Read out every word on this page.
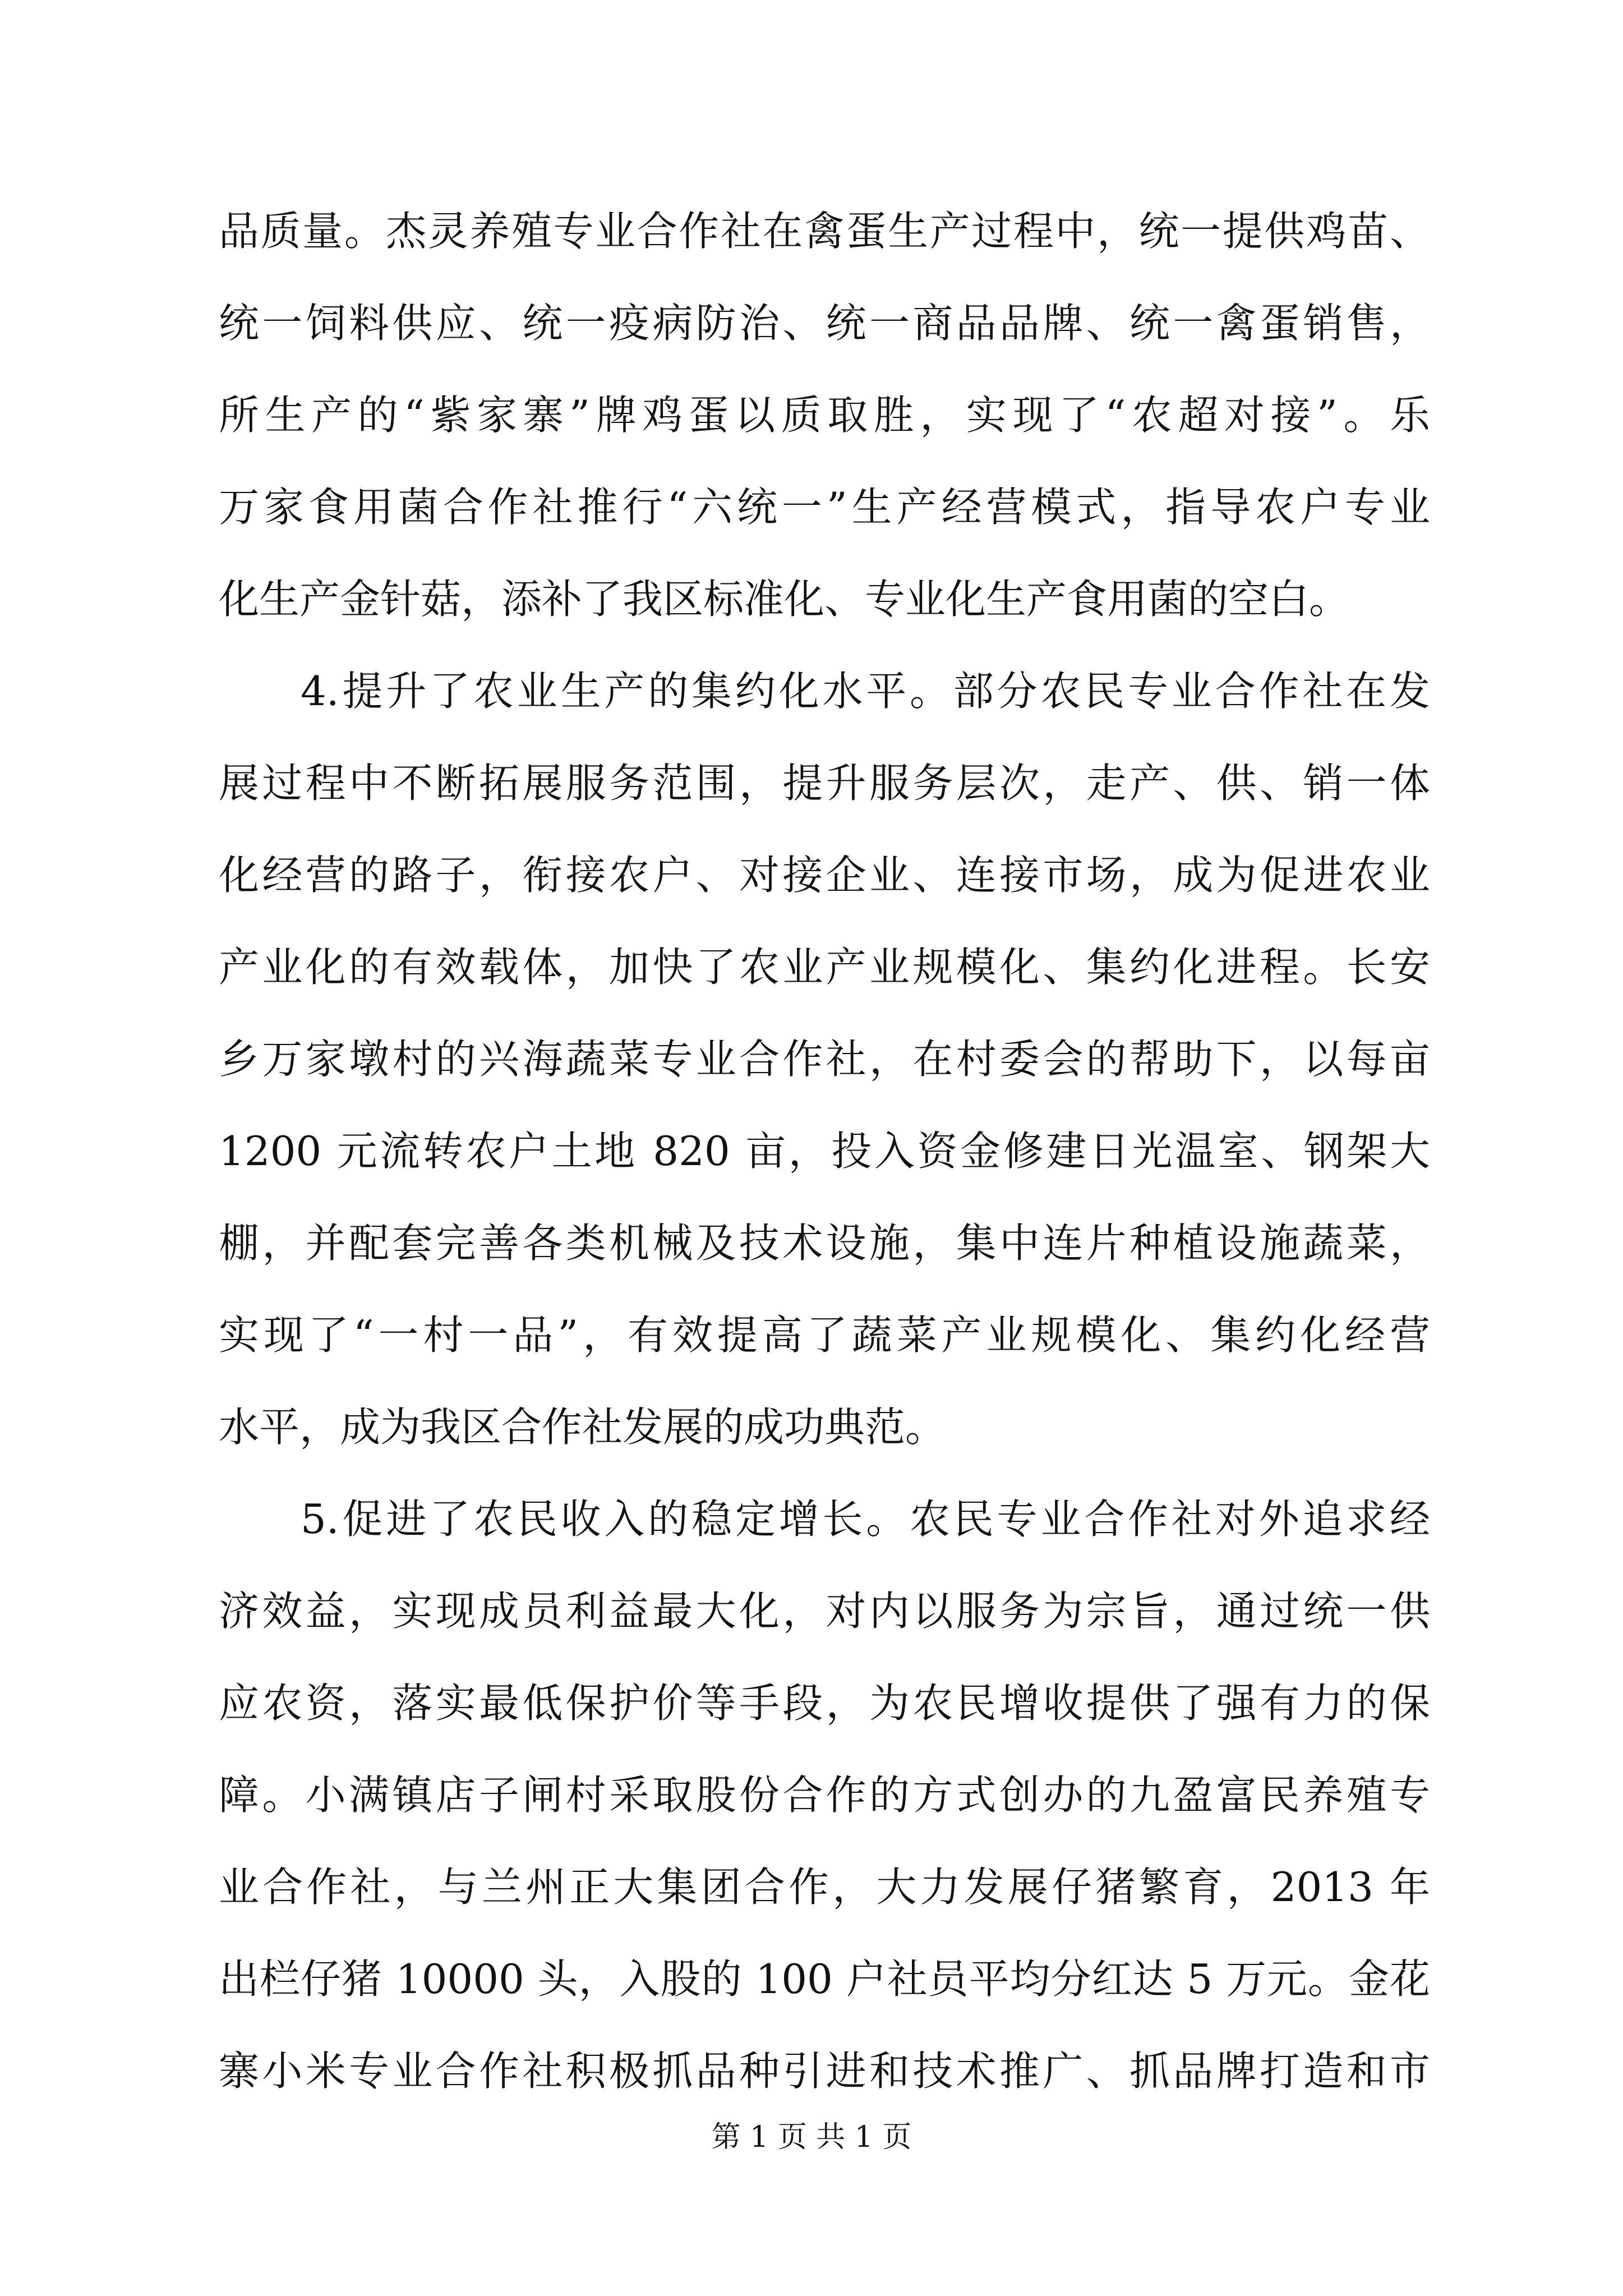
品质量。杰灵养殖专业合作社在禽蛋生产过程中，统一提供鸡苗、
统一饲料供应、统一疫病防治、统一商品品牌、统一禽蛋销售，
所生产的“紫家寨”牌鸡蛋以质取胜，实现了“农超对接”。乐
万家食用菌合作社推行“六统一”生产经营模式，指导农户专业
化生产金针菇，添补了我区标准化、专业化生产食用菌的空白。
4.提升了农业生产的集约化水平。部分农民专业合作社在发
展过程中不断拓展服务范围，提升服务层次，走产、供、销一体
化经营的路子，衔接农户、对接企业、连接市场，成为促进农业
产业化的有效载体，加快了农业产业规模化、集约化进程。长安
乡万家墩村的兴海蔬菜专业合作社，在村委会的帮助下，以每亩
1200 元流转农户土地 820 亩，投入资金修建日光温室、钢架大
棚，并配套完善各类机械及技术设施，集中连片种植设施蔬菜，
实现了“一村一品”，有效提高了蔬菜产业规模化、集约化经营
水平，成为我区合作社发展的成功典范。
5.促进了农民收入的稳定增长。农民专业合作社对外追求经
济效益，实现成员利益最大化，对内以服务为宗旨，通过统一供
应农资，落实最低保护价等手段，为农民增收提供了强有力的保
障。小满镇店子闸村采取股份合作的方式创办的九盈富民养殖专
业合作社，与兰州正大集团合作，大力发展仔猪繁育，2013 年
出栏仔猪 10000 头，入股的 100 户社员平均分红达 5 万元。金花
寨小米专业合作社积极抓品种引进和技术推广、抓品牌打造和市
第 1 页 共 1 页
